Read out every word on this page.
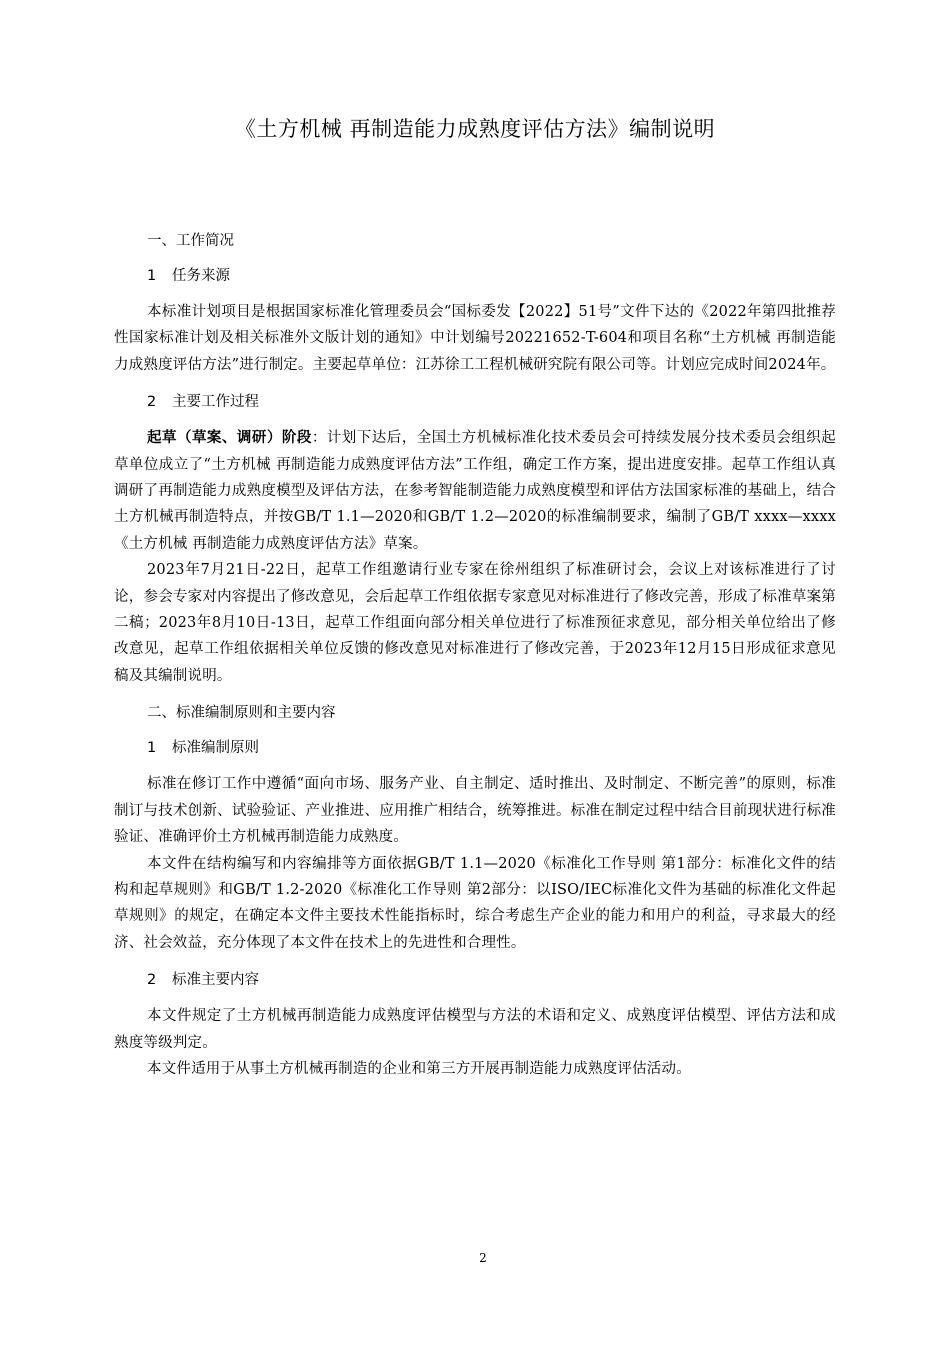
《土方机械 再制造能力成熟度评估方法》编制说明
一、工作简况
1 任务来源

本标准计划项目是根据国家标准化管理委员会“国标委发【2022】51号”文件下达的《2022年第四批推荐性国家标准计划及相关标准外文版计划的通知》中计划编号20221652-T-604和项目名称“土方机械 再制造能力成熟度评估方法”进行制定。主要起草单位：江苏徐工工程机械研究院有限公司等。计划应完成时间2024年。

2 主要工作过程

起草（草案、调研）阶段：计划下达后，全国土方机械标准化技术委员会可持续发展分技术委员会组织起草单位成立了“土方机械 再制造能力成熟度评估方法”工作组，确定工作方案，提出进度安排。起草工作组认真调研了再制造能力成熟度模型及评估方法，在参考智能制造能力成熟度模型和评估方法国家标准的基础上，结合土方机械再制造特点，并按GB/T 1.1—2020和GB/T 1.2—2020的标准编制要求，编制了GB/T xxxx—xxxx《土方机械 再制造能力成熟度评估方法》草案。

2023年7月21日-22日，起草工作组邀请行业专家在徐州组织了标准研讨会，会议上对该标准进行了讨论，参会专家对内容提出了修改意见，会后起草工作组依据专家意见对标准进行了修改完善，形成了标准草案第二稿；2023年8月10日-13日，起草工作组面向部分相关单位进行了标准预征求意见，部分相关单位给出了修改意见，起草工作组依据相关单位反馈的修改意见对标准进行了修改完善，于2023年12月15日形成征求意见稿及其编制说明。

二、标准编制原则和主要内容
1 标准编制原则

标准在修订工作中遵循“面向市场、服务产业、自主制定、适时推出、及时制定、不断完善”的原则，标准制订与技术创新、试验验证、产业推进、应用推广相结合，统筹推进。标准在制定过程中结合目前现状进行标准验证、准确评价土方机械再制造能力成熟度。

本文件在结构编写和内容编排等方面依据GB/T 1.1—2020《标准化工作导则 第1部分：标准化文件的结构和起草规则》和GB/T 1.2-2020《标准化工作导则 第2部分：以ISO/IEC标准化文件为基础的标准化文件起草规则》的规定，在确定本文件主要技术性能指标时，综合考虑生产企业的能力和用户的利益，寻求最大的经济、社会效益，充分体现了本文件在技术上的先进性和合理性。

2 标准主要内容

本文件规定了土方机械再制造能力成熟度评估模型与方法的术语和定义、成熟度评估模型、评估方法和成熟度等级判定。

本文件适用于从事土方机械再制造的企业和第三方开展再制造能力成熟度评估活动。

2
